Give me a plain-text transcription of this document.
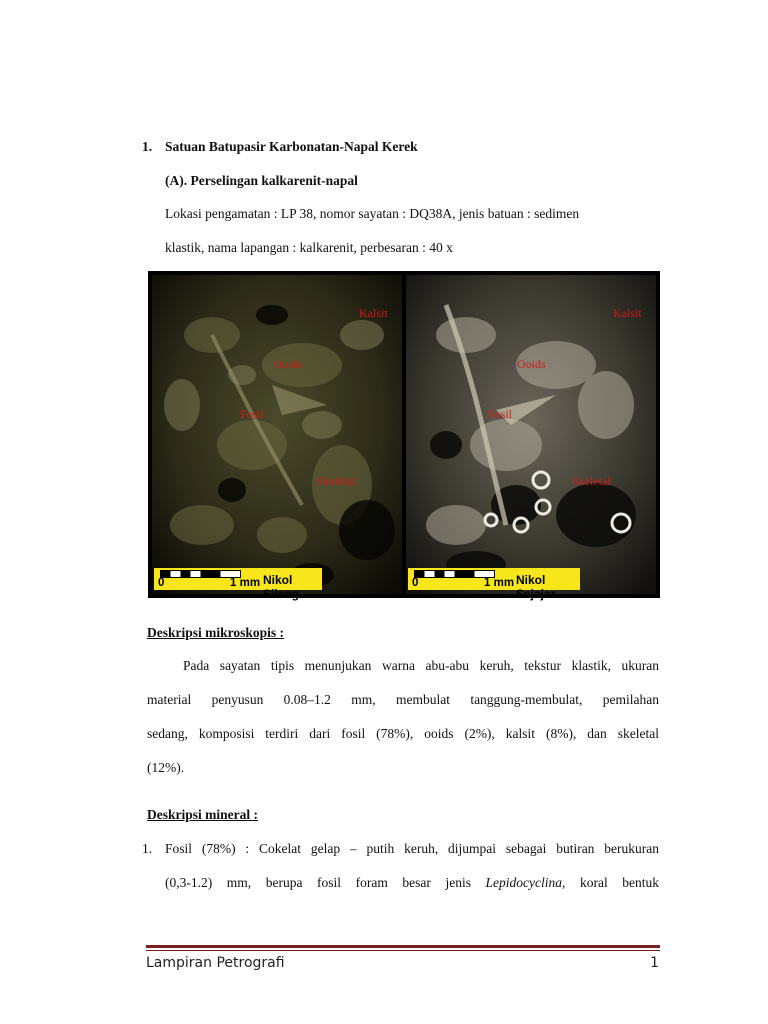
1. Satuan Batupasir Karbonatan-Napal Kerek
(A). Perselingan kalkarenit-napal
Lokasi pengamatan : LP 38, nomor sayatan : DQ38A, jenis batuan : sedimen
klastik, nama lapangan : kalkarenit, perbesaran : 40 x
Kalsit
Ooids
Fosil
Skeletal
Kalsit
Ooids
Fosil
Skeletal
0	1 mm Nikol Silang
0	1 mm Nikol Sejajar
Deskripsi mikroskopis :
Pada sayatan tipis menunjukan warna abu-abu keruh, tekstur klastik, ukuran
material penyusun 0.08–1.2 mm, membulat tanggung-membulat, pemilahan
sedang, komposisi terdiri dari fosil (78%), ooids (2%), kalsit (8%), dan skeletal
(12%).
Deskripsi mineral :
1. Fosil (78%) : Cokelat gelap – putih keruh, dijumpai sebagai butiran berukuran
(0,3-1.2) mm, berupa fosil foram besar jenis Lepidocyclina, koral bentuk
Lampiran Petrografi	1
